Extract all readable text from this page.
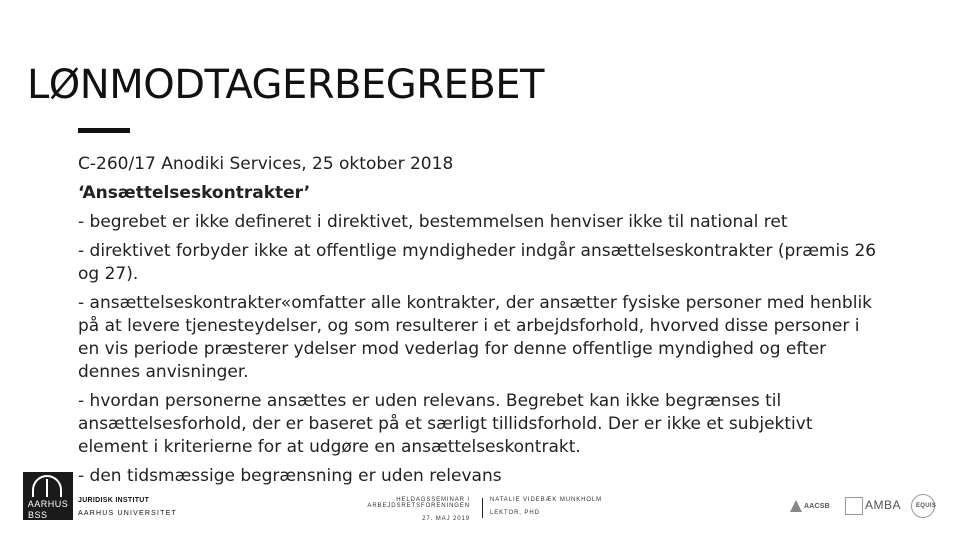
LØNMODTAGERBEGREBET

C-260/17 Anodiki Services, 25 oktober 2018

‘Ansættelseskontrakter’

- begrebet er ikke defineret i direktivet, bestemmelsen henviser ikke til national ret

- direktivet forbyder ikke at offentlige myndigheder indgår ansættelseskontrakter (præmis 26 og 27).

- ansættelseskontrakter«omfatter alle kontrakter, der ansætter fysiske personer med henblik på at levere tjenesteydelser, og som resulterer i et arbejdsforhold, hvorved disse personer i en vis periode præsterer ydelser mod vederlag for denne offentlige myndighed og efter dennes anvisninger.

- hvordan personerne ansættes er uden relevans. Begrebet kan ikke begrænses til ansættelsesforhold, der er baseret på et særligt tillidsforhold. Der er ikke et subjektivt element i kriterierne for at udgøre en ansættelseskontrakt.

- den tidsmæssige begrænsning er uden relevans

AARHUS
BSS
JURIDISK INSTITUT
AARHUS UNIVERSITET
HELDAGSSEMINAR I ARBEJDSRETSFORENINGEN
27. MAJ 2019
NATALIE VIDEBÆK MUNKHOLM
LEKTOR, PHD
AACSB	AMBA EQUIS
